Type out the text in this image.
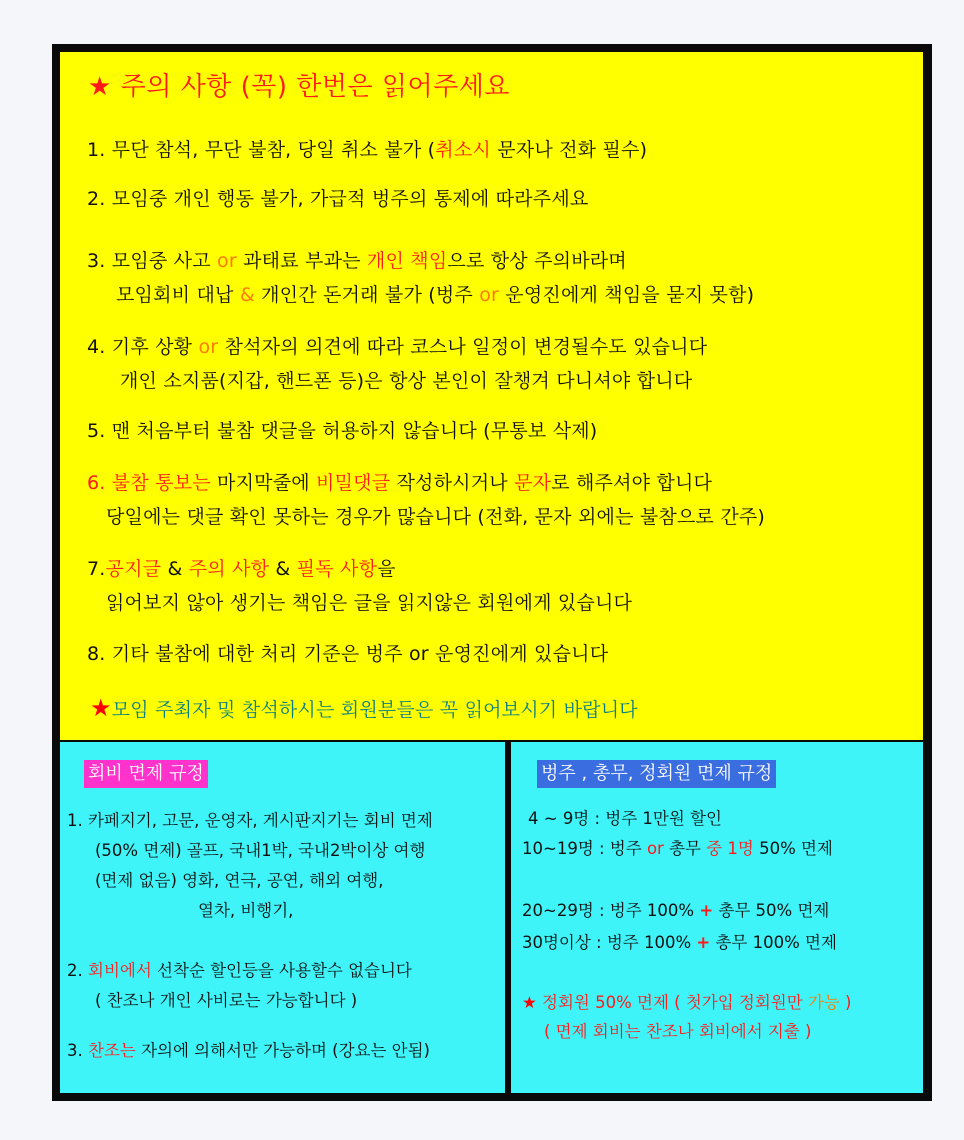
★ 주의 사항 (꼭) 한번은 읽어주세요
1. 무단 참석, 무단 불참, 당일 취소 불가 (취소시 문자나 전화 필수)
2. 모임중 개인 행동 불가, 가급적 벙주의 통제에 따라주세요
3. 모임중 사고 or 과태료 부과는 개인 책임으로 항상 주의바라며
모임회비 대납 & 개인간 돈거래 불가 (벙주 or 운영진에게 책임을 묻지 못함)
4. 기후 상황 or 참석자의 의견에 따라 코스나 일정이 변경될수도 있습니다
개인 소지품(지갑, 핸드폰 등)은 항상 본인이 잘챙겨 다니셔야 합니다
5. 맨 처음부터 불참 댓글을 허용하지 않습니다 (무통보 삭제)
6. 불참 통보는 마지막줄에 비밀댓글 작성하시거나 문자로 해주셔야 합니다
당일에는 댓글 확인 못하는 경우가 많습니다 (전화, 문자 외에는 불참으로 간주)
7.공지글 & 주의 사항 & 필독 사항을
읽어보지 않아 생기는 책임은 글을 읽지않은 회원에게 있습니다
8. 기타 불참에 대한 처리 기준은 벙주 or 운영진에게 있습니다
★모임 주최자 및 참석하시는 회원분들은 꼭 읽어보시기 바랍니다
회비 면제 규정
1. 카페지기, 고문, 운영자, 게시판지기는 회비 면제
(50% 면제) 골프, 국내1박, 국내2박이상 여행
(면제 없음) 영화, 연극, 공연, 해외 여행,
열차, 비행기,
2. 회비에서 선착순 할인등을 사용할수 없습니다
( 찬조나 개인 사비로는 가능합니다 )
3. 찬조는 자의에 의해서만 가능하며 (강요는 안됨)
벙주 , 총무, 정회원 면제 규정
4 ~ 9명 : 벙주 1만원 할인
10~19명 : 벙주 or 총무 중 1명 50% 면제
20~29명 : 벙주 100% + 총무 50% 면제
30명이상 : 벙주 100% + 총무 100% 면제
★ 정회원 50% 면제 ( 첫가입 정회원만 가능 )
( 면제 회비는 찬조나 회비에서 지출 )
